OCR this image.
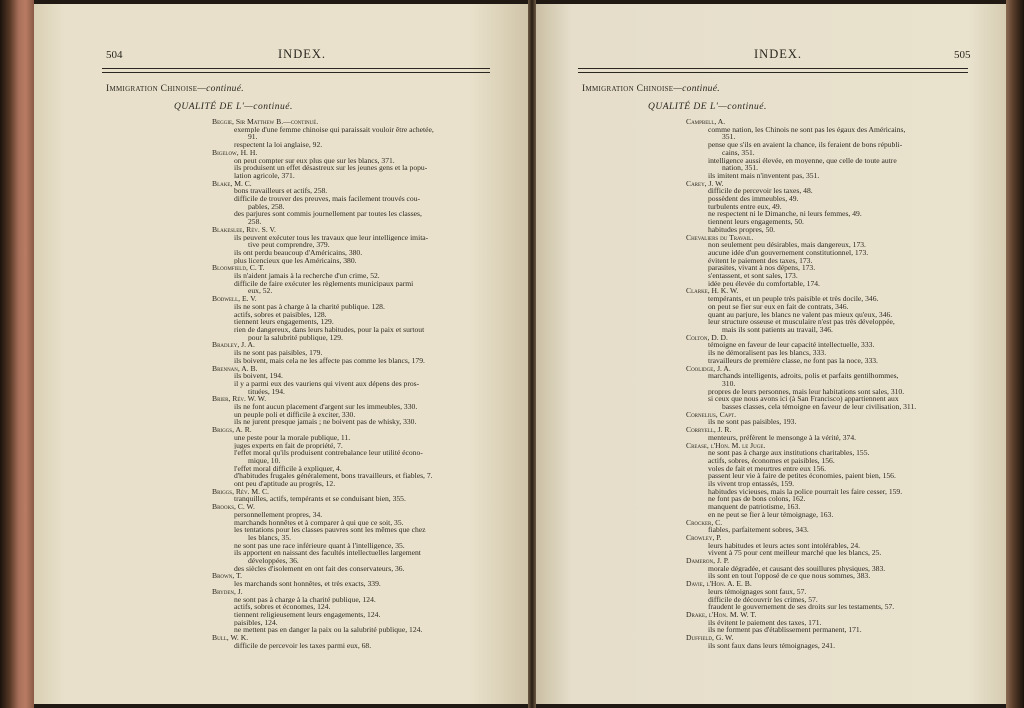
504	INDEX.
Immigration Chinoise—continué.
QUALITÉ DE L'—continué.
Beggie, Sir Matthew B.—continué.
exemple d'une femme chinoise qui paraissait vouloir être achetée,
91.
respectent la loi anglaise, 92.
Bigelow, H. H.
on peut compter sur eux plus que sur les blancs, 371.
ils produisent un effet désastreux sur les jeunes gens et la popu-
lation agricole, 371.
Blake, M. C.
bons travailleurs et actifs, 258.
difficile de trouver des preuves, mais facilement trouvés cou-
pables, 258.
des parjures sont commis journellement par toutes les classes,
258.
Blakeslee, Rév. S. V.
ils peuvent exécuter tous les travaux que leur intelligence imita-
tive peut comprendre, 379.
ils ont perdu beaucoup d'Américains, 380.
plus licencieux que les Américains, 380.
Bloomfield, C. T.
ils n'aident jamais à la recherche d'un crime, 52.
difficile de faire exécuter les règlements municipaux parmi
eux, 52.
Bodwell, E. V.
ils ne sont pas à charge à la charité publique. 128.
actifs, sobres et paisibles, 128.
tiennent leurs engagements, 129.
rien de dangereux, dans leurs habitudes, pour la paix et surtout
pour la salubrité publique, 129.
Bradley, J. A.
ils ne sont pas paisibles, 179.
ils boivent, mais cela ne les affecte pas comme les blancs, 179.
Brennan, A. B.
ils boivent, 194.
il y a parmi eux des vauriens qui vivent aux dépens des pros-
tituées, 194.
Brier, Rév. W. W.
ils ne font aucun placement d'argent sur les immeubles, 330.
un peuple poli et difficile à exciter, 330.
ils ne jurent presque jamais ; ne boivent pas de whisky, 330.
Briggs, A. R.
une peste pour la morale publique, 11.
juges experts en fait de propriété, 7.
l'effet moral qu'ils produisent contrebalance leur utilité écono-
mique, 10.
l'effet moral difficile à expliquer, 4.
d'habitudes frugales généralement, bons travailleurs, et fiables, 7.
ont peu d'aptitude au progrès, 12.
Briggs, Rév. M. C.
tranquilles, actifs, tempérants et se conduisant bien, 355.
Brooks, C. W.
personnellement propres, 34.
marchands honnêtes et à comparer à qui que ce soit, 35.
les tentations pour les classes pauvres sont les mêmes que chez
les blancs, 35.
ne sont pas une race inférieure quant à l'intelligence, 35.
ils apportent en naissant des facultés intellectuelles largement
développées, 36.
des siècles d'isolement en ont fait des conservateurs, 36.
Brown, T.
les marchands sont honnêtes, et très exacts, 339.
Bryden, J.
ne sont pas à charge à la charité publique, 124.
actifs, sobres et économes, 124.
tiennent religieusement leurs engagements, 124.
paisibles, 124.
ne mettent pas en danger la paix ou la salubrité publique, 124.
Bull, W. K.
difficile de percevoir les taxes parmi eux, 68.
INDEX.	505
Immigration Chinoise—continué.
QUALITÉ DE L'—continué.
Campbell, A.
comme nation, les Chinois ne sont pas les égaux des Américains,
351.
pense que s'ils en avaient la chance, ils feraient de bons républi-
cains, 351.
intelligence aussi élevée, en moyenne, que celle de toute autre
nation, 351.
ils imitent mais n'inventent pas, 351.
Carey, J. W.
difficile de percevoir les taxes, 48.
possèdent des immeubles, 49.
turbulents entre eux, 49.
ne respectent ni le Dimanche, ni leurs femmes, 49.
tiennent leurs engagements, 50.
habitudes propres, 50.
Chevaliers du Travail.
non seulement peu désirables, mais dangereux, 173.
aucune idée d'un gouvernement constitutionnel, 173.
évitent le paiement des taxes, 173.
parasites, vivant à nos dépens, 173.
s'entassent, et sont sales, 173.
idée peu élevée du comfortable, 174.
Clarke, H. K. W.
tempérants, et un peuple très paisible et très docile, 346.
on peut se fier sur eux en fait de contrats, 346.
quant au parjure, les blancs ne valent pas mieux qu'eux, 346.
leur structure osseuse et musculaire n'est pas très développée,
mais ils sont patients au travail, 346.
Colton, D. D.
témoigne en faveur de leur capacité intellectuelle, 333.
ils ne démoralisent pas les blancs, 333.
travailleurs de première classe, ne font pas la noce, 333.
Coolidge, J. A.
marchands intelligents, adroits, polis et parfaits gentilhommes,
310.
propres de leurs personnes, mais leur habitations sont sales, 310.
si ceux que nous avons ici (à San Francisco) appartiennent aux
basses classes, cela témoigne en faveur de leur civilisation, 311.
Cornelius, Capt.
ils ne sont pas paisibles, 193.
Corryell, J. R.
menteurs, préfèrent le mensonge à la vérité, 374.
Crease, l'Hon. M. le Juge.
ne sont pas à charge aux institutions charitables, 155.
actifs, sobres, économes et paisibles, 156.
voles de fait et meurtres entre eux 156.
passent leur vie à faire de petites économies, paient bien, 156.
ils vivent trop entassés, 159.
habitudes vicieuses, mais la police pourrait les faire cesser, 159.
ne font pas de bons colons, 162.
manquent de patriotisme, 163.
en ne peut se fier à leur témoignage, 163.
Crocker, C.
fiables, parfaitement sobres, 343.
Crowley, P.
leurs habitudes et leurs actes sont intolérables, 24.
vivent à 75 pour cent meilleur marché que les blancs, 25.
Dameron, J. P.
morale dégradée, et causant des souillures physiques, 383.
ils sont en tout l'opposé de ce que nous sommes, 383.
Davie, l'Hon. A. E. B.
leurs témoignages sont faux, 57.
difficile de découvrir les crimes, 57.
fraudent le gouvernement de ses droits sur les testaments, 57.
Drake, l'Hon. M. W. T.
ils évitent le paiement des taxes, 171.
ils ne forment pas d'établissement permanent, 171.
Duffield, G. W.
ils sont faux dans leurs témoignages, 241.
